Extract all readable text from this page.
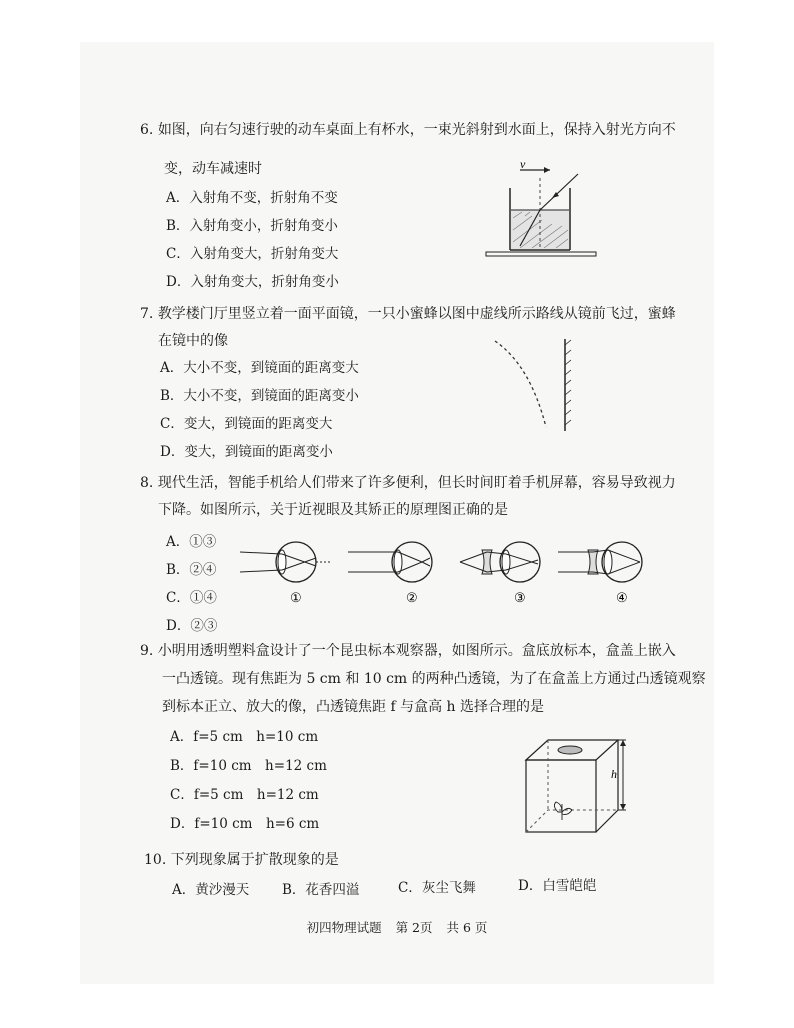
6. 如图，向右匀速行驶的动车桌面上有杯水，一束光斜射到水面上，保持入射光方向不
变，动车减速时
A．入射角不变，折射角不变
B．入射角变小，折射角变小
C．入射角变大，折射角变大
D．入射角变大，折射角变小
v
7. 教学楼门厅里竖立着一面平面镜，一只小蜜蜂以图中虚线所示路线从镜前飞过，蜜蜂
在镜中的像
A．大小不变，到镜面的距离变大
B．大小不变，到镜面的距离变小
C．变大，到镜面的距离变大
D．变大，到镜面的距离变小
8. 现代生活，智能手机给人们带来了许多便利，但长时间盯着手机屏幕，容易导致视力
下降。如图所示，关于近视眼及其矫正的原理图正确的是
A．①③
B．②④
C．①④
D．②③
①	②	③	④
9. 小明用透明塑料盒设计了一个昆虫标本观察器，如图所示。盒底放标本，盒盖上嵌入
一凸透镜。现有焦距为 5 cm 和 10 cm 的两种凸透镜，为了在盒盖上方通过凸透镜观察
到标本正立、放大的像，凸透镜焦距 f 与盒高 h 选择合理的是
A．f=5 cm　h=10 cm
B．f=10 cm　h=12 cm
C．f=5 cm　h=12 cm
D．f=10 cm　h=6 cm
h
10. 下列现象属于扩散现象的是
A．黄沙漫天 B．花香四溢	C．灰尘飞舞	D．白雪皑皑
初四物理试题 第 2页 共 6 页
